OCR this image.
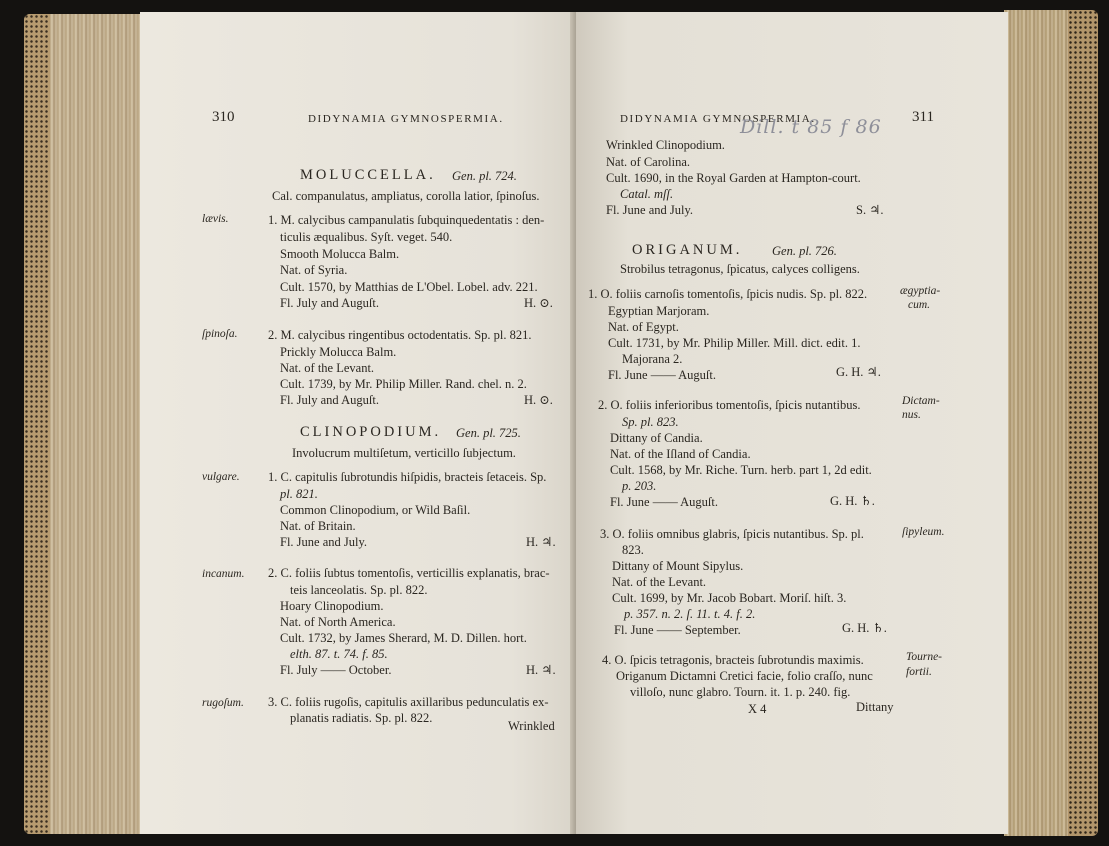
310	DIDYNAMIA GYMNOSPERMIA.
MOLUCCELLA. Gen. pl. 724.
Cal. companulatus, ampliatus, corolla latior, ſpinoſus.
lævis.	1. M. calycibus campanulatis ſubquinquedentatis : den-
ticulis æqualibus. Syſt. veget. 540.
Smooth Molucca Balm.
Nat. of Syria.
Cult. 1570, by Matthias de L'Obel. Lobel. adv. 221.
Fl. July and Auguſt.	H. ⊙.
ſpinoſa. 2. M. calycibus ringentibus octodentatis. Sp. pl. 821.
Prickly Molucca Balm.
Nat. of the Levant.
Cult. 1739, by Mr. Philip Miller. Rand. chel. n. 2.
Fl. July and Auguſt.	H. ⊙.
CLINOPODIUM. Gen. pl. 725.
Involucrum multiſetum, verticillo ſubjectum.
vulgare. 1. C. capitulis ſubrotundis hiſpidis, bracteis ſetaceis. Sp.
pl. 821.
Common Clinopodium, or Wild Baſil.
Nat. of Britain.
Fl. June and July.	H. ♃.
incanum. 2. C. foliis ſubtus tomentoſis, verticillis explanatis, brac-
teis lanceolatis. Sp. pl. 822.
Hoary Clinopodium.
Nat. of North America.
Cult. 1732, by James Sherard, M. D. Dillen. hort.
elth. 87. t. 74. f. 85.
Fl. July —— October.	H. ♃.
rugoſum. 3. C. foliis rugoſis, capitulis axillaribus pedunculatis ex-
planatis radiatis. Sp. pl. 822.
Wrinkled
DIDYNAMIA GYMNOSPERMIA.	311
Dill. t 85 f 86
Wrinkled Clinopodium.
Nat. of Carolina.
Cult. 1690, in the Royal Garden at Hampton-court.
Catal. mſſ.
Fl. June and July.	S. ♃.
ORIGANUM. Gen. pl. 726.
Strobilus tetragonus, ſpicatus, calyces colligens.
1. O. foliis carnoſis tomentoſis, ſpicis nudis. Sp. pl. 822.	ægyptia-
cum.
Egyptian Marjoram.
Nat. of Egypt.
Cult. 1731, by Mr. Philip Miller. Mill. dict. edit. 1.
Majorana 2.
Fl. June —— Auguſt.	G. H. ♃.
2. O. foliis inferioribus tomentoſis, ſpicis nutantibus.	Dictam-
nus.
Sp. pl. 823.
Dittany of Candia.
Nat. of the Iſland of Candia.
Cult. 1568, by Mr. Riche. Turn. herb. part 1, 2d edit.
p. 203.
Fl. June —— Auguſt.	G. H. ♄.
3. O. foliis omnibus glabris, ſpicis nutantibus. Sp. pl.	ſipyleum.
823.
Dittany of Mount Sipylus.
Nat. of the Levant.
Cult. 1699, by Mr. Jacob Bobart. Moriſ. hiſt. 3.
p. 357. n. 2. ſ. 11. t. 4. f. 2.
Fl. June —— September.	G. H. ♄.
4. O. ſpicis tetragonis, bracteis ſubrotundis maximis.	Tourne-
fortii.
Origanum Dictamni Cretici facie, folio craſſo, nunc
villoſo, nunc glabro. Tourn. it. 1. p. 240. fig.
X 4	Dittany
